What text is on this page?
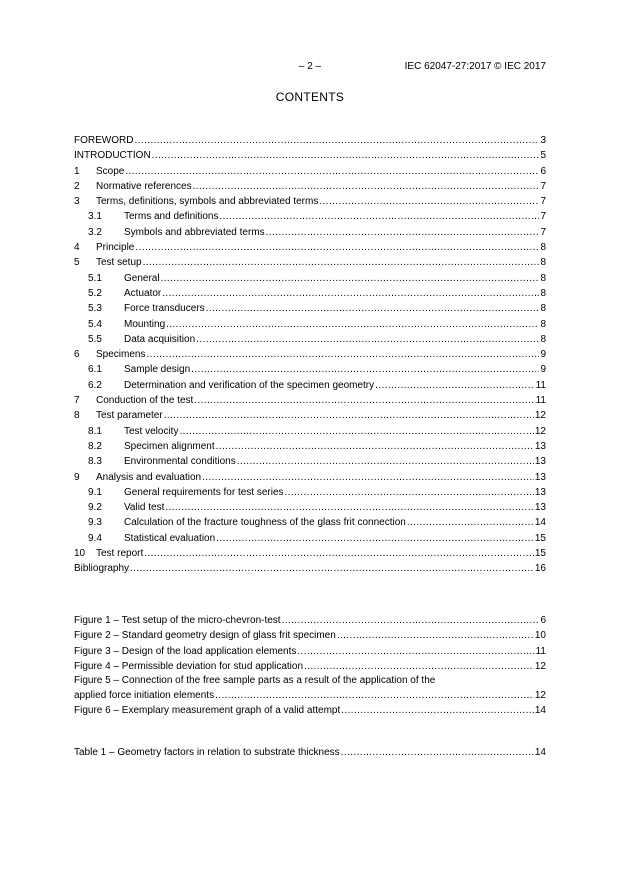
– 2 –	IEC 62047-27:2017 © IEC 2017
CONTENTS
FOREWORD .....	3
INTRODUCTION .....	5
1	Scope .....	6
2	Normative references .....	7
3	Terms, definitions, symbols and abbreviated terms .....	7
3.1	Terms and definitions .....	7
3.2	Symbols and abbreviated terms .....	7
4	Principle .....	8
5	Test setup .....	8
5.1	General .....	8
5.2	Actuator .....	8
5.3	Force transducers .....	8
5.4	Mounting .....	8
5.5	Data acquisition .....	8
6	Specimens .....	9
6.1	Sample design .....	9
6.2	Determination and verification of the specimen geometry .....	11
7	Conduction of the test .....	11
8	Test parameter .....	12
8.1	Test velocity .....	12
8.2	Specimen alignment .....	13
8.3	Environmental conditions .....	13
9	Analysis and evaluation .....	13
9.1	General requirements for test series .....	13
9.2	Valid test .....	13
9.3	Calculation of the fracture toughness of the glass frit connection .....	14
9.4	Statistical evaluation .....	15
10	Test report .....	15
Bibliography .....	16
Figure 1 – Test setup of the micro-chevron-test .....	6
Figure 2 – Standard geometry design of glass frit specimen .....	10
Figure 3 – Design of the load application elements .....	11
Figure 4 – Permissible deviation for stud application .....	12
Figure 5 – Connection of the free sample parts as a result of the application of the
applied force initiation elements .....	12
Figure 6 – Exemplary measurement graph of a valid attempt .....	14
Table 1 – Geometry factors in relation to substrate thickness .....	14
